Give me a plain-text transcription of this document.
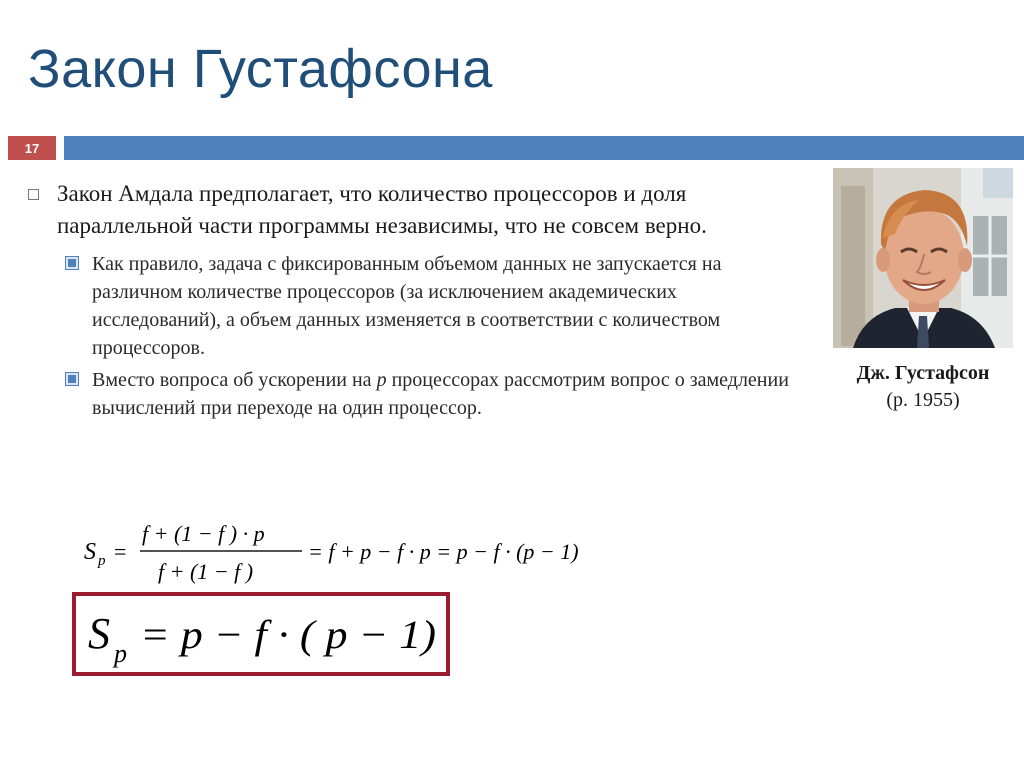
Закон Густафсона
17

Закон Амдала предполагает, что количество процессоров и доля параллельной части программы независимы, что не совсем верно.

Как правило, задача с фиксированным объемом данных не запускается на различном количестве процессоров (за исключением академических исследований), а объем данных изменяется в соответствии с количеством процессоров.

Вместо вопроса об ускорении на p процессорах рассмотрим вопрос о замедлении вычислений при переходе на один процессор.

Дж. Густафсон
(р. 1955)
S p =
f + (1 − f ) · p
f + (1 − f )
= f + p − f · p = p − f · (p − 1)
S p = p − f · ( p − 1)
